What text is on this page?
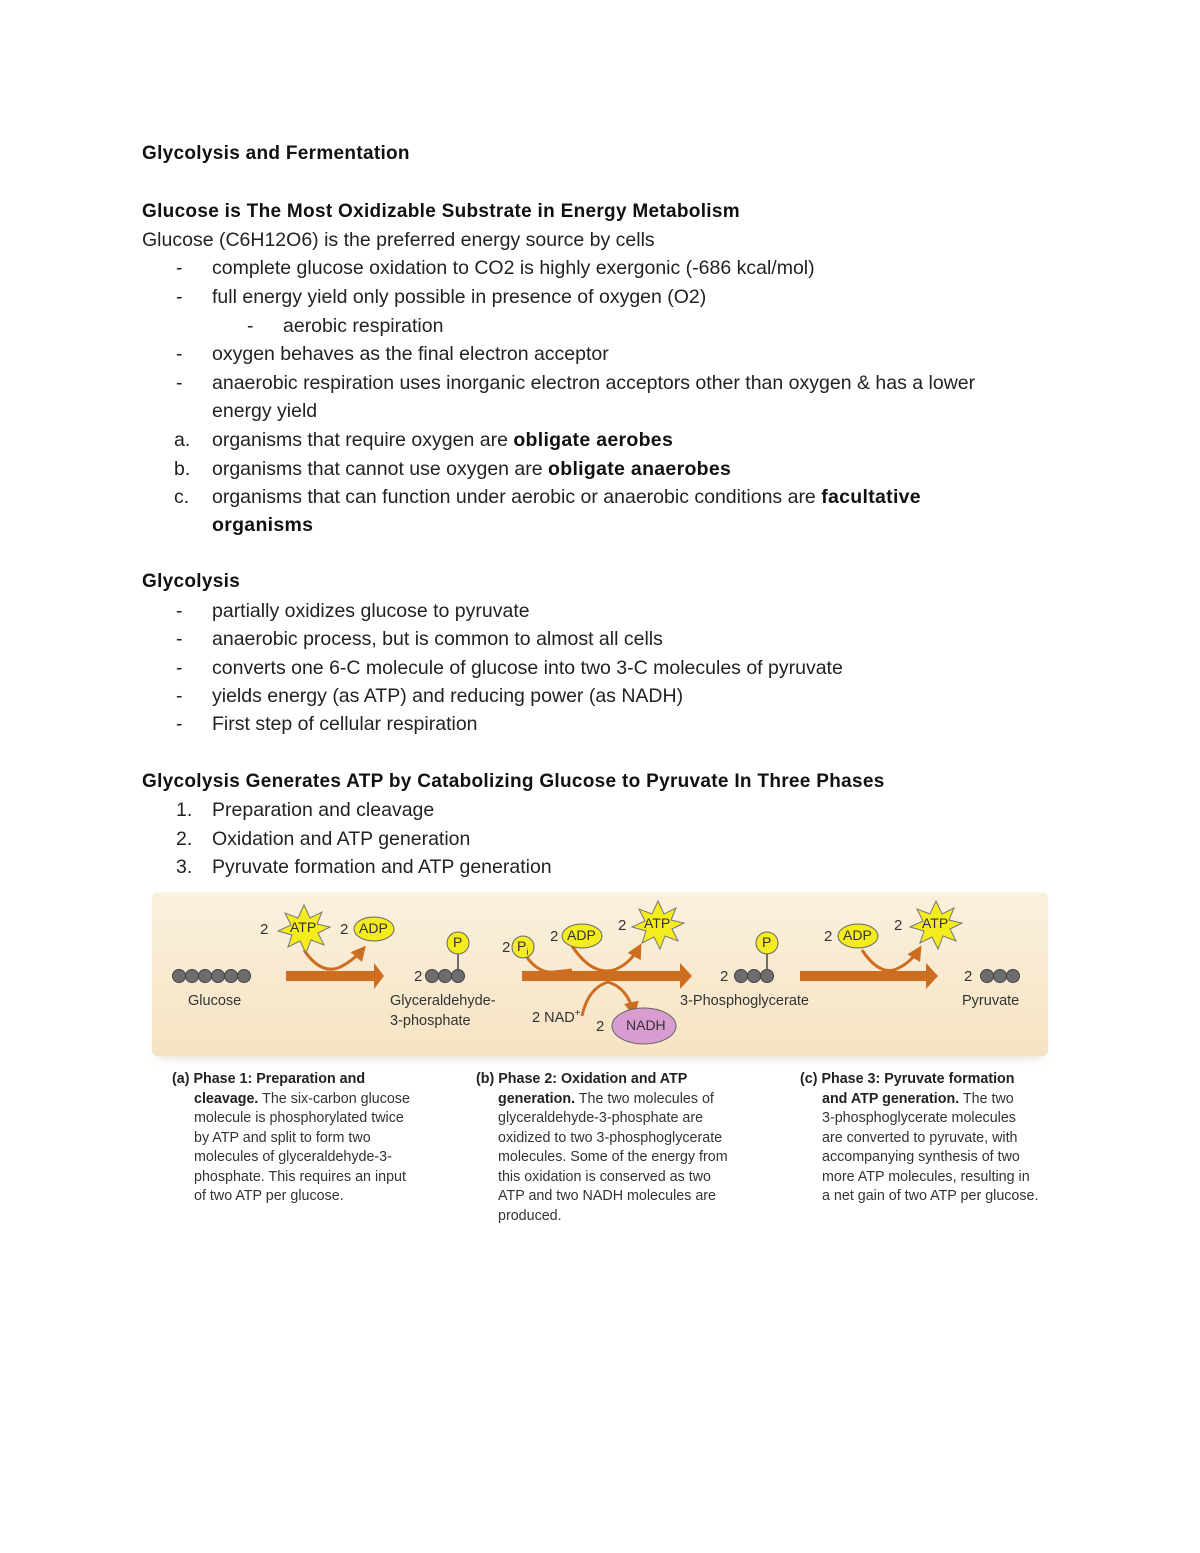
Glycolysis and Fermentation
Glucose is The Most Oxidizable Substrate in Energy Metabolism
Glucose (C6H12O6) is the preferred energy source by cells
- complete glucose oxidation to CO2 is highly exergonic (-686 kcal/mol)
- full energy yield only possible in presence of oxygen (O2)
- aerobic respiration
- oxygen behaves as the final electron acceptor
- anaerobic respiration uses inorganic electron acceptors other than oxygen & has a lower
energy yield
a. organisms that require oxygen are obligate aerobes
b. organisms that cannot use oxygen are obligate anaerobes
c. organisms that can function under aerobic or anaerobic conditions are facultative
organisms
Glycolysis
- partially oxidizes glucose to pyruvate
- anaerobic process, but is common to almost all cells
- converts one 6-C molecule of glucose into two 3-C molecules of pyruvate
- yields energy (as ATP) and reducing power (as NADH)
- First step of cellular respiration
Glycolysis Generates ATP by Catabolizing Glucose to Pyruvate In Three Phases
1. Preparation and cleavage
2. Oxidation and ATP generation
3. Pyruvate formation and ATP generation
ATP	ATP	ATP
ADP	ADP	ADP
P	$P_i$
P
NADH
2	2
2
2
2
2
2
2
2
2
2
Glucose	Glyceraldehyde-
3-phosphate
3-Phosphoglycerate	Pyruvate
2 NAD+
(a) Phase 1: Preparation and
cleavage. The six-carbon glucose
molecule is phosphorylated twice
by ATP and split to form two
molecules of glyceraldehyde-3-
phosphate. This requires an input
of two ATP per glucose.
(b) Phase 2: Oxidation and ATP
generation. The two molecules of
glyceraldehyde-3-phosphate are
oxidized to two 3-phosphoglycerate
molecules. Some of the energy from
this oxidation is conserved as two
ATP and two NADH molecules are
produced.
(c) Phase 3: Pyruvate formation
and ATP generation. The two
3-phosphoglycerate molecules
are converted to pyruvate, with
accompanying synthesis of two
more ATP molecules, resulting in
a net gain of two ATP per glucose.
